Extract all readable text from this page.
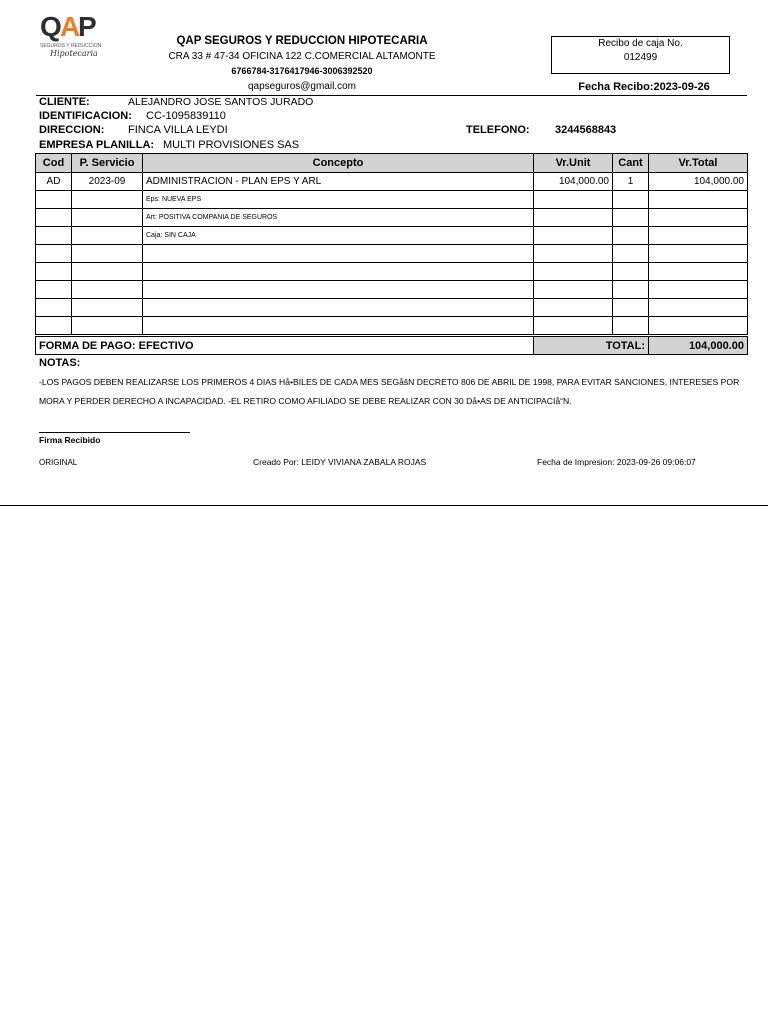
Q
A
P
SEGUROS Y REDUCCION
Hipotecaria
QAP SEGUROS Y REDUCCION HIPOTECARIA
CRA 33 # 47-34 OFICINA 122 C.COMERCIAL ALTAMONTE
6766784-3176417946-3006392520
qapseguros@gmail.com
Recibo de caja No.
012499
Fecha Recibo:2023-09-26
CLIENTE:	ALEJANDRO JOSE SANTOS JURADO
IDENTIFICACION: CC-1095839110
DIRECCION: FINCA VILLA LEYDI	TELEFONO: 3244568843
EMPRESA PLANILLA: MULTI PROVISIONES SAS
Cod	P. Servicio	Concepto	Vr.Unit	Cant	Vr.Total
AD	2023-09	ADMINISTRACION - PLAN EPS Y ARL	104,000.00	1	104,000.00
		Eps: NUEVA EPS			
		Art: POSITIVA COMPANIA DE SEGUROS			
		Caja: SIN CAJA			

FORMA DE PAGO: EFECTIVO	TOTAL:	104,000.00
NOTAS:
-LOS PAGOS DEBEN REALIZARSE LOS PRIMEROS 4 DIAS Hå•BILES DE CADA MES SEGåšN DECRETO 806 DE ABRIL DE 1998, PARA EVITAR SANCIONES, INTERESES POR MORA Y PERDER DERECHO A INCAPACIDAD. -EL RETIRO COMO AFILIADO SE DEBE REALIZAR CON 30 Då•AS DE ANTICIPACIå“N.
Firma Recibido
ORIGINAL	Creado Por: LEIDY VIVIANA ZABALA ROJAS	Fecha de Impresion: 2023-09-26 09:06:07
